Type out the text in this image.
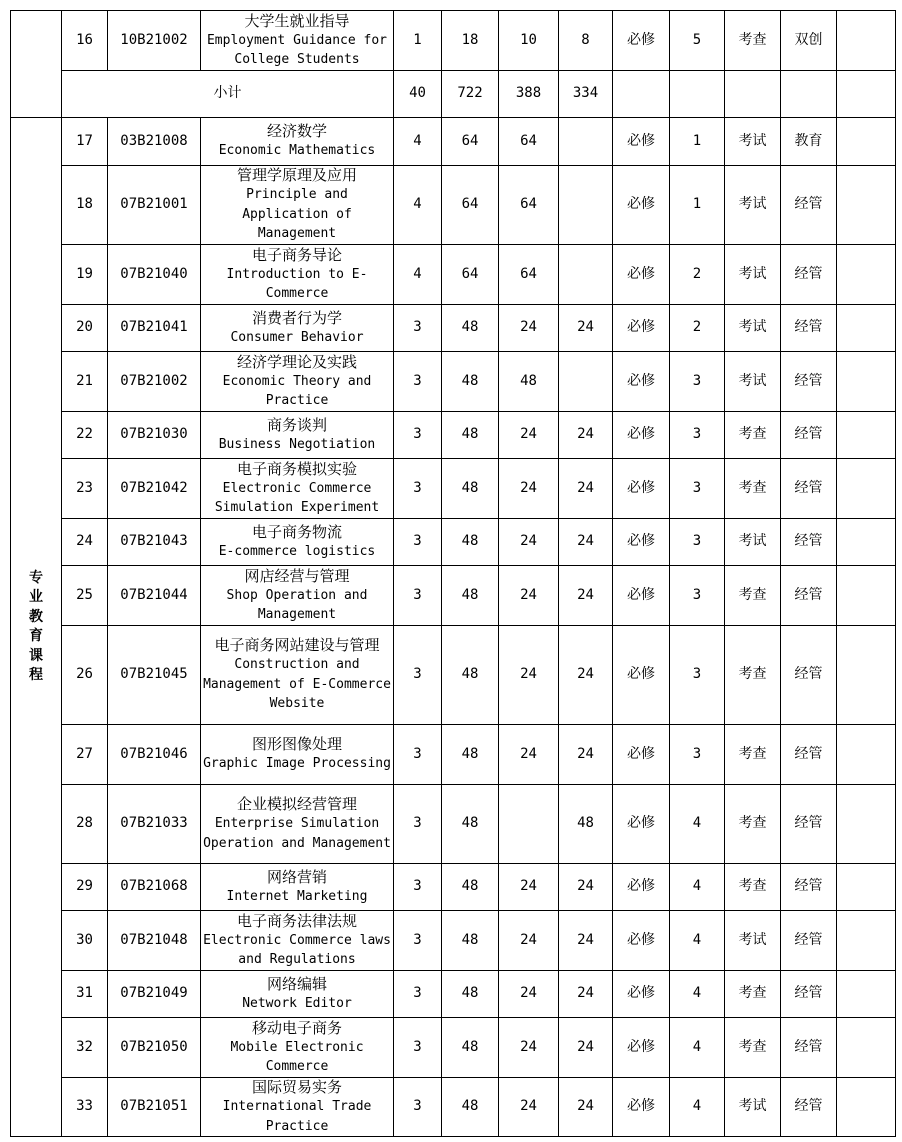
	16	10B21002	大学生就业指导
Employment Guidance for College Students	1	18	10	8	必修	5	考查	双创	
	小计			40	722	388	334					
专业教育课程	17	03B21008	经济数学
Economic Mathematics	4	64	64		必修	1	考试	教育	
	18	07B21001	管理学原理及应用
Principle and Application of Management	4	64	64		必修	1	考试	经管	
	19	07B21040	电子商务导论
Introduction to E-Commerce	4	64	64		必修	2	考试	经管	
	20	07B21041	消费者行为学
Consumer Behavior	3	48	24	24	必修	2	考试	经管	
	21	07B21002	经济学理论及实践
Economic Theory and Practice	3	48	48		必修	3	考试	经管	
	22	07B21030	商务谈判
Business Negotiation	3	48	24	24	必修	3	考查	经管	
	23	07B21042	电子商务模拟实验
Electronic Commerce Simulation Experiment	3	48	24	24	必修	3	考查	经管	
	24	07B21043	电子商务物流
E-commerce logistics	3	48	24	24	必修	3	考试	经管	
	25	07B21044	网店经营与管理
Shop Operation and Management	3	48	24	24	必修	3	考查	经管	
	26	07B21045	电子商务网站建设与管理
Construction and Management of E-Commerce Website	3	48	24	24	必修	3	考查	经管	
	27	07B21046	图形图像处理
Graphic Image Processing	3	48	24	24	必修	3	考查	经管	
	28	07B21033	企业模拟经营管理
Enterprise Simulation Operation and Management	3	48		48	必修	4	考查	经管	
	29	07B21068	网络营销
Internet Marketing	3	48	24	24	必修	4	考查	经管	
	30	07B21048	电子商务法律法规
Electronic Commerce laws and Regulations	3	48	24	24	必修	4	考试	经管	
	31	07B21049	网络编辑
Network Editor	3	48	24	24	必修	4	考查	经管	
	32	07B21050	移动电子商务
Mobile Electronic Commerce	3	48	24	24	必修	4	考查	经管	
	33	07B21051	国际贸易实务
International Trade Practice	3	48	24	24	必修	4	考试	经管	
